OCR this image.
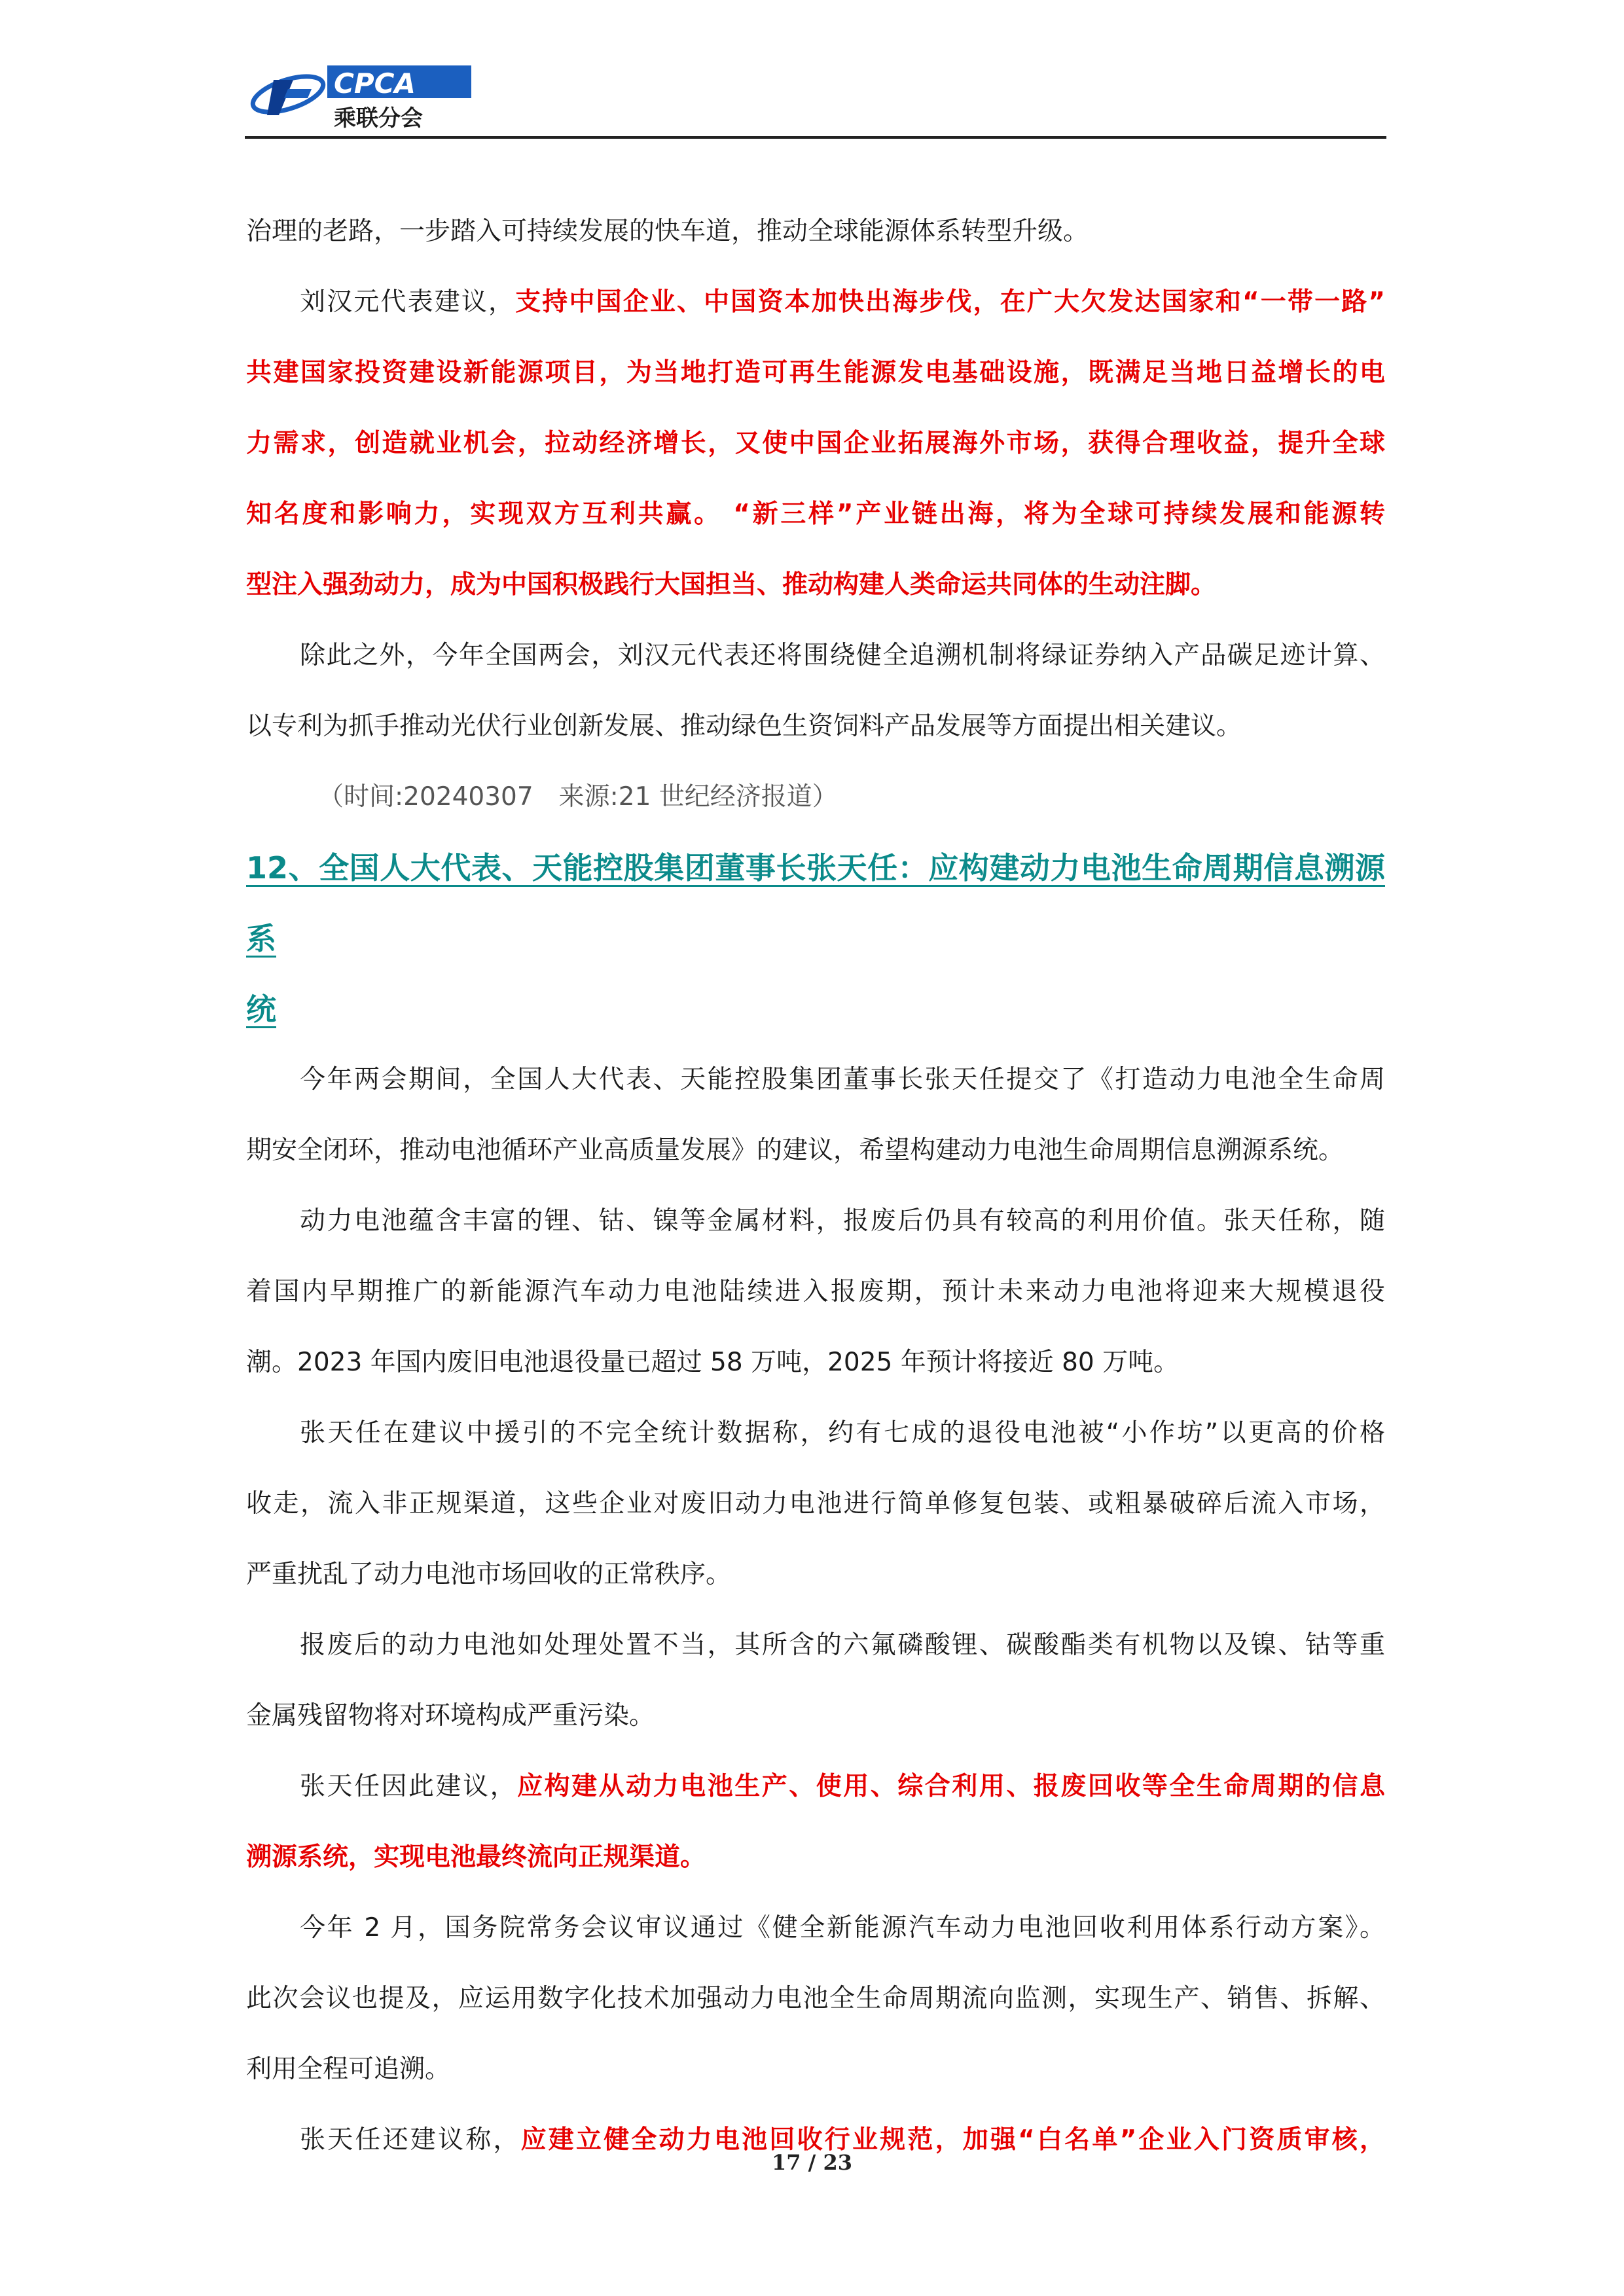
CPCA
乘联分会

治理的老路，一步踏入可持续发展的快车道，推动全球能源体系转型升级。

刘汉元代表建议，支持中国企业、中国资本加快出海步伐，在广大欠发达国家和“一带一路”

共建国家投资建设新能源项目，为当地打造可再生能源发电基础设施，既满足当地日益增长的电

力需求，创造就业机会，拉动经济增长，又使中国企业拓展海外市场，获得合理收益，提升全球

知名度和影响力，实现双方互利共赢。 “新三样”产业链出海，将为全球可持续发展和能源转

型注入强劲动力，成为中国积极践行大国担当、推动构建人类命运共同体的生动注脚。

除此之外，今年全国两会，刘汉元代表还将围绕健全追溯机制将绿证券纳入产品碳足迹计算、

以专利为抓手推动光伏行业创新发展、推动绿色生资饲料产品发展等方面提出相关建议。

（时间:20240307　来源:21 世纪经济报道）

12、全国人大代表、天能控股集团董事长张天任：应构建动力电池生命周期信息溯源系

统

今年两会期间，全国人大代表、天能控股集团董事长张天任提交了《打造动力电池全生命周

期安全闭环，推动电池循环产业高质量发展》的建议，希望构建动力电池生命周期信息溯源系统。

动力电池蕴含丰富的锂、钴、镍等金属材料，报废后仍具有较高的利用价值。张天任称，随

着国内早期推广的新能源汽车动力电池陆续进入报废期，预计未来动力电池将迎来大规模退役

潮。2023 年国内废旧电池退役量已超过 58 万吨，2025 年预计将接近 80 万吨。

张天任在建议中援引的不完全统计数据称，约有七成的退役电池被“小作坊”以更高的价格

收走，流入非正规渠道，这些企业对废旧动力电池进行简单修复包装、或粗暴破碎后流入市场，

严重扰乱了动力电池市场回收的正常秩序。

报废后的动力电池如处理处置不当，其所含的六氟磷酸锂、碳酸酯类有机物以及镍、钴等重

金属残留物将对环境构成严重污染。

张天任因此建议，应构建从动力电池生产、使用、综合利用、报废回收等全生命周期的信息

溯源系统，实现电池最终流向正规渠道。

今年 2 月，国务院常务会议审议通过《健全新能源汽车动力电池回收利用体系行动方案》。

此次会议也提及，应运用数字化技术加强动力电池全生命周期流向监测，实现生产、销售、拆解、

利用全程可追溯。

张天任还建议称，应建立健全动力电池回收行业规范，加强“白名单”企业入门资质审核，

17 / 23
